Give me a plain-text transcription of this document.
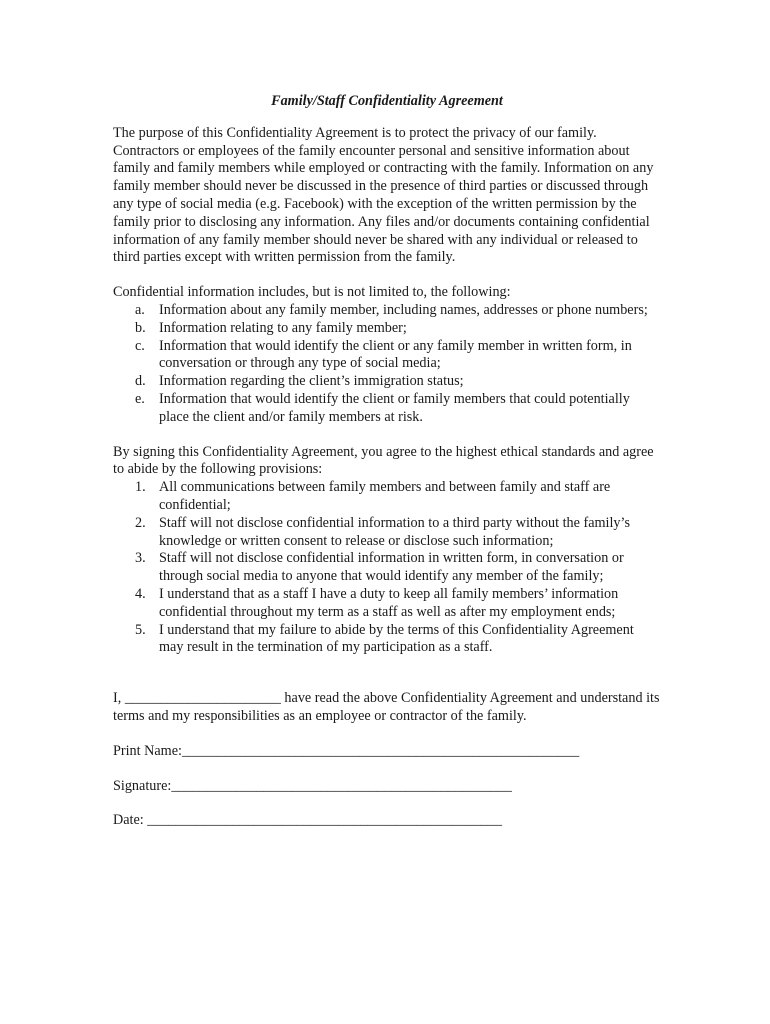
Family/Staff Confidentiality Agreement

The purpose of this Confidentiality Agreement is to protect the privacy of our family. Contractors or employees of the family encounter personal and sensitive information about family and family members while employed or contracting with the family. Information on any family member should never be discussed in the presence of third parties or discussed through any type of social media (e.g. Facebook) with the exception of the written permission by the family prior to disclosing any information. Any files and/or documents containing confidential information of any family member should never be shared with any individual or released to third parties except with written permission from the family.

Confidential information includes, but is not limited to, the following:

a. Information about any family member, including names, addresses or phone numbers;
b. Information relating to any family member;
c. Information that would identify the client or any family member in written form, in conversation or through any type of social media;
d. Information regarding the client’s immigration status;
e. Information that would identify the client or family members that could potentially place the client and/or family members at risk.

By signing this Confidentiality Agreement, you agree to the highest ethical standards and agree to abide by the following provisions:

1. All communications between family members and between family and staff are confidential;
2. Staff will not disclose confidential information to a third party without the family’s knowledge or written consent to release or disclose such information;
3. Staff will not disclose confidential information in written form, in conversation or through social media to anyone that would identify any member of the family;
4. I understand that as a staff I have a duty to keep all family members’ information confidential throughout my term as a staff as well as after my employment ends;
5. I understand that my failure to abide by the terms of this Confidentiality Agreement may result in the termination of my participation as a staff.

I, ______________________ have read the above Confidentiality Agreement and understand its terms and my responsibilities as an employee or contractor of the family.

Print Name:________________________________________________________

Signature:________________________________________________

Date: __________________________________________________
